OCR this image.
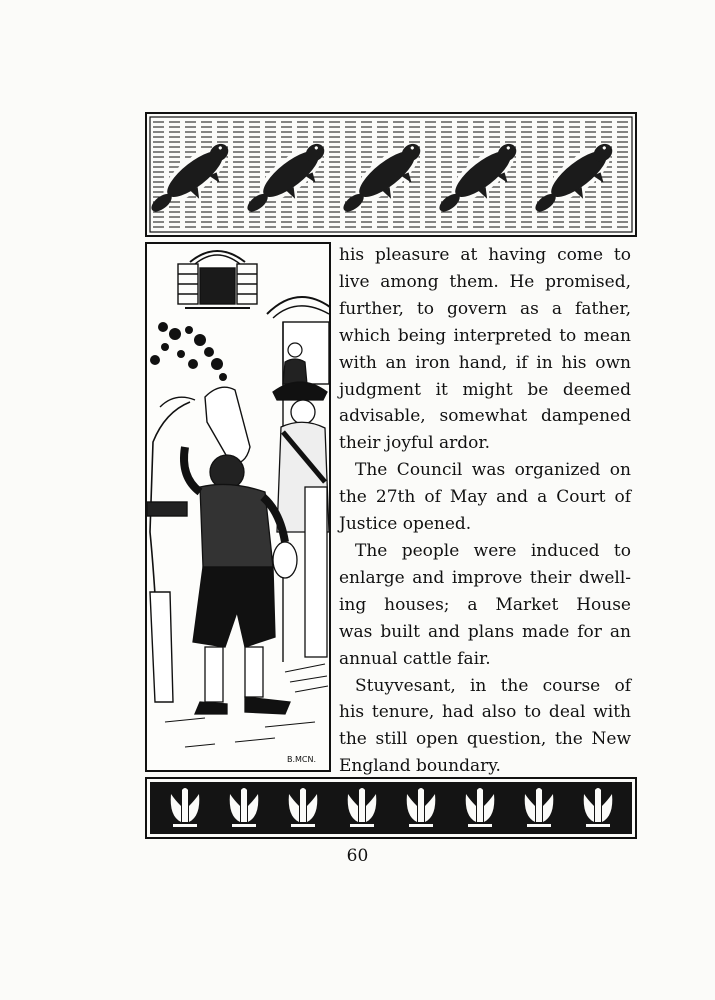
B.MCN.

his pleasure at having come to
live among them. He promised,
further, to govern as a father,
which being interpreted to mean
with an iron hand, if in his own
judgment it might be deemed
advisable, somewhat dampened
their joyful ardor.

The Council was organized on
the 27th of May and a Court of
Justice opened.

The people were induced to
enlarge and improve their dwell-
ing houses; a Market House
was built and plans made for an
annual cattle fair.

Stuyvesant, in the course of
his tenure, had also to deal with
the still open question, the New
England boundary.

60
